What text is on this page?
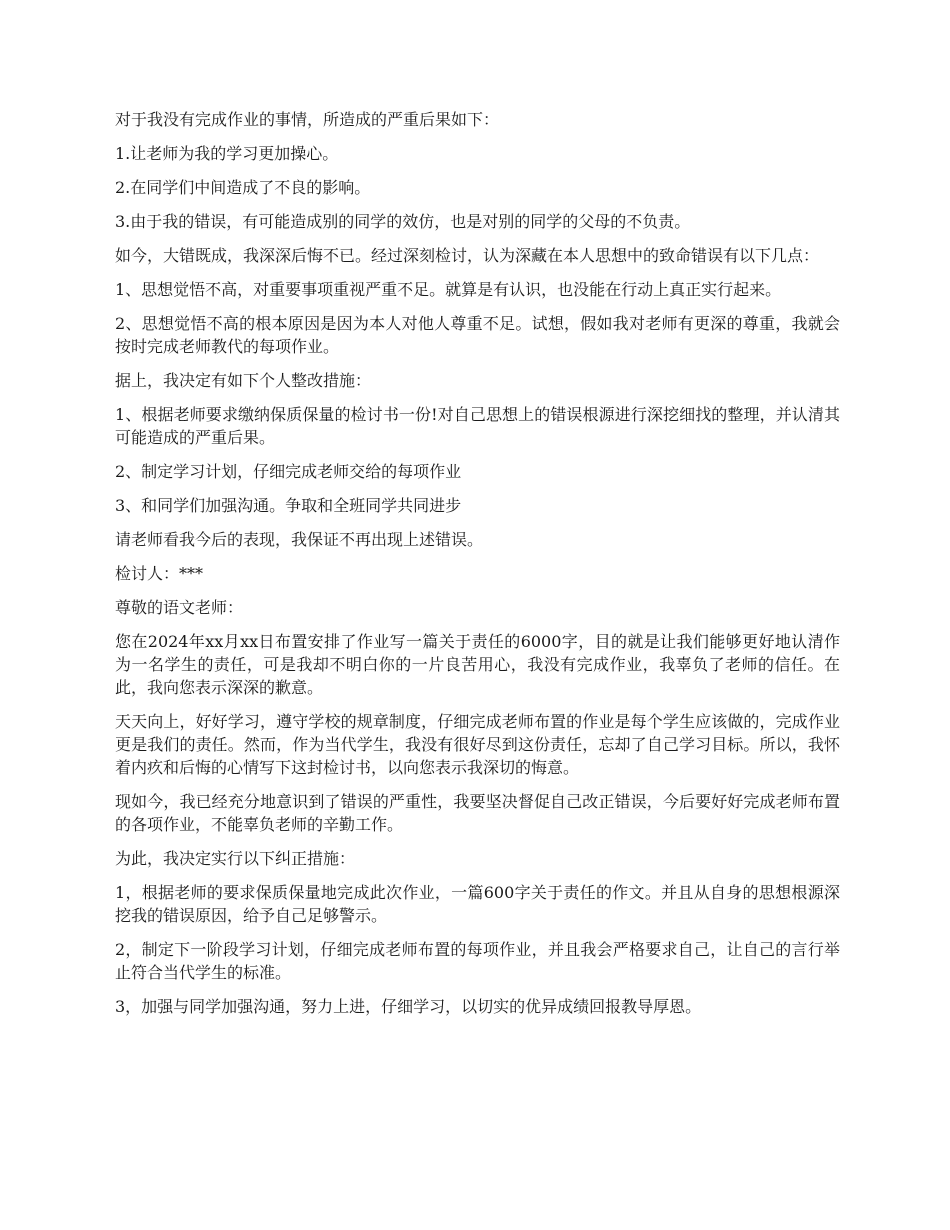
对于我没有完成作业的事情，所造成的严重后果如下：

1.让老师为我的学习更加操心。

2.在同学们中间造成了不良的影响。

3.由于我的错误，有可能造成别的同学的效仿，也是对别的同学的父母的不负责。

如今，大错既成，我深深后悔不已。经过深刻检讨，认为深藏在本人思想中的致命错误有以下几点：

1、思想觉悟不高，对重要事项重视严重不足。就算是有认识，也没能在行动上真正实行起来。

2、思想觉悟不高的根本原因是因为本人对他人尊重不足。试想，假如我对老师有更深的尊重，我就会按时完成老师教代的每项作业。

据上，我决定有如下个人整改措施：

1、根据老师要求缴纳保质保量的检讨书一份!对自己思想上的错误根源进行深挖细找的整理，并认清其可能造成的严重后果。

2、制定学习计划，仔细完成老师交给的每项作业

3、和同学们加强沟通。争取和全班同学共同进步

请老师看我今后的表现，我保证不再出现上述错误。

检讨人：***

尊敬的语文老师：

您在2024年xx月xx日布置安排了作业写一篇关于责任的6000字，目的就是让我们能够更好地认清作为一名学生的责任，可是我却不明白你的一片良苦用心，我没有完成作业，我辜负了老师的信任。在此，我向您表示深深的歉意。

天天向上，好好学习，遵守学校的规章制度，仔细完成老师布置的作业是每个学生应该做的，完成作业更是我们的责任。然而，作为当代学生，我没有很好尽到这份责任，忘却了自己学习目标。所以，我怀着内疚和后悔的心情写下这封检讨书，以向您表示我深切的悔意。

现如今，我已经充分地意识到了错误的严重性，我要坚决督促自己改正错误，今后要好好完成老师布置的各项作业，不能辜负老师的辛勤工作。

为此，我决定实行以下纠正措施：

1，根据老师的要求保质保量地完成此次作业，一篇600字关于责任的作文。并且从自身的思想根源深挖我的错误原因，给予自己足够警示。

2，制定下一阶段学习计划，仔细完成老师布置的每项作业，并且我会严格要求自己，让自己的言行举止符合当代学生的标准。

3，加强与同学加强沟通，努力上进，仔细学习，以切实的优异成绩回报教导厚恩。
